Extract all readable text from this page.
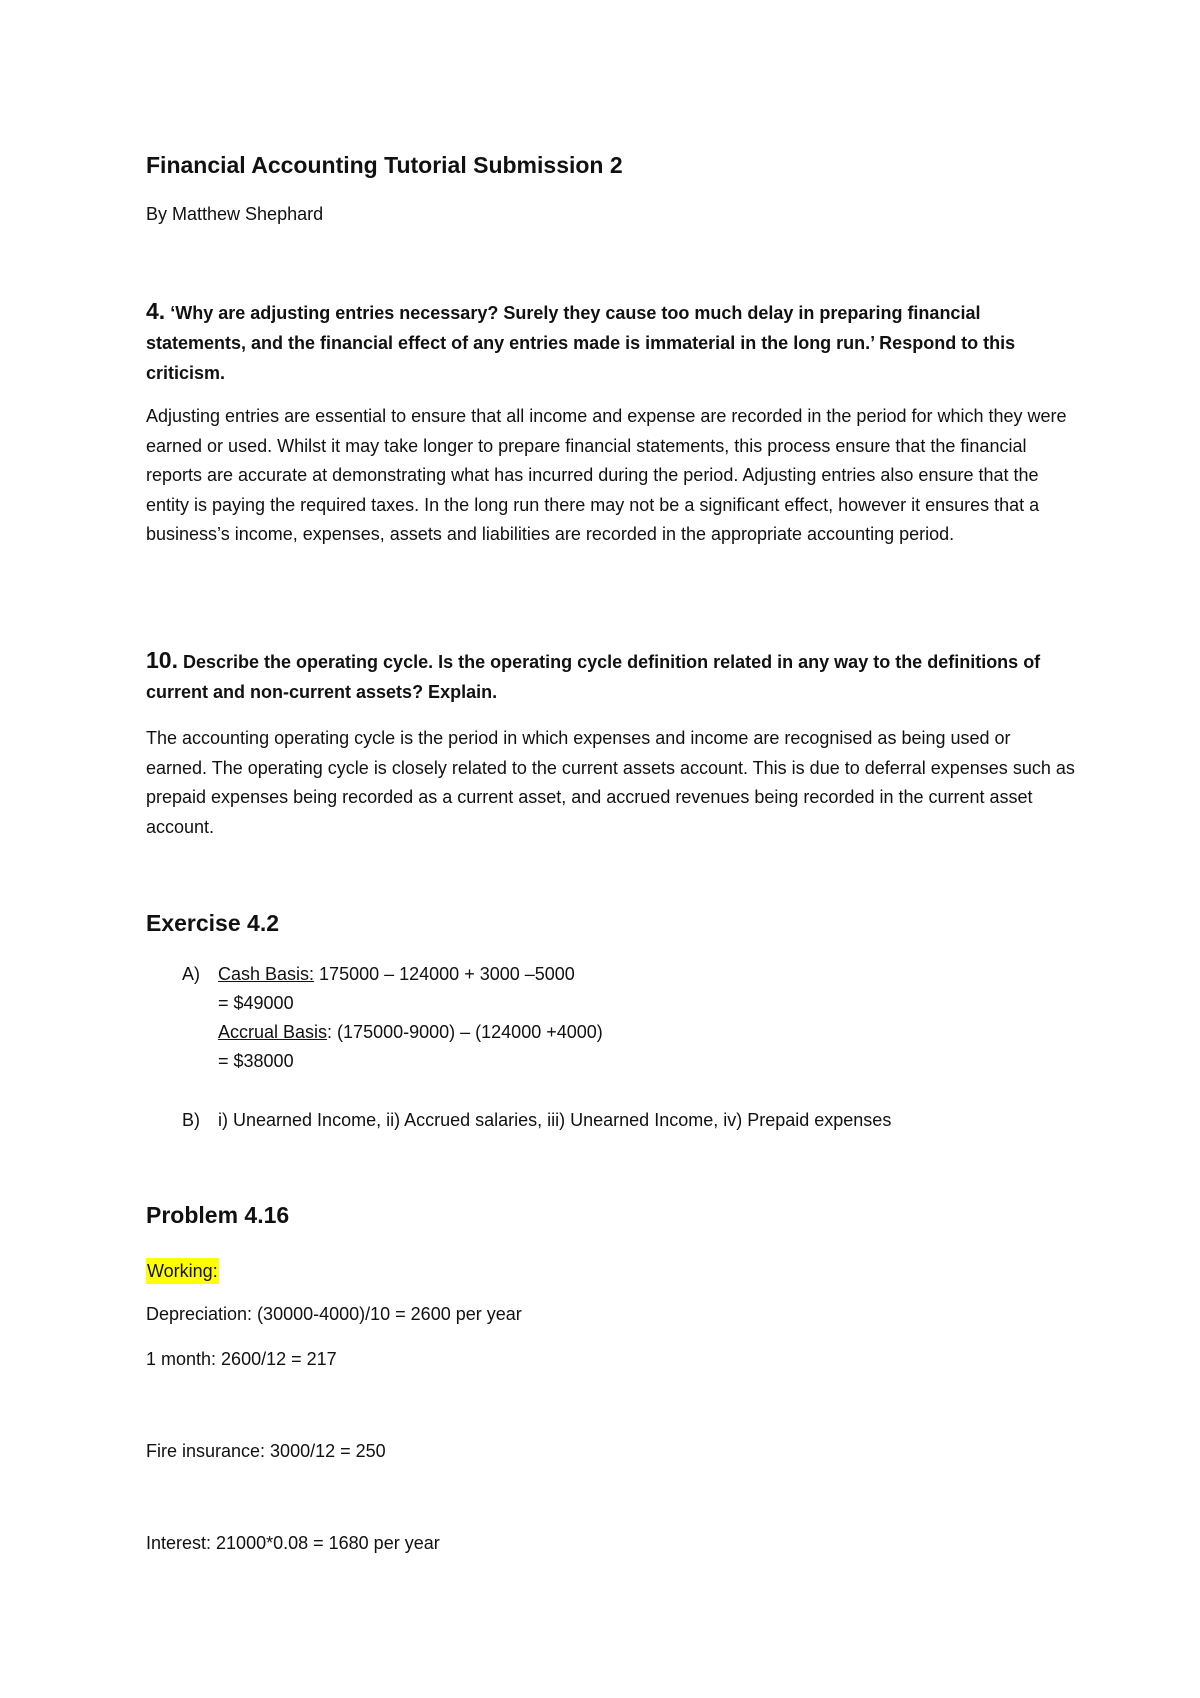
Financial Accounting Tutorial Submission 2
By Matthew Shephard
4. ‘Why are adjusting entries necessary? Surely they cause too much delay in preparing financial statements, and the financial effect of any entries made is immaterial in the long run.’ Respond to this criticism.

Adjusting entries are essential to ensure that all income and expense are recorded in the period for which they were earned or used. Whilst it may take longer to prepare financial statements, this process ensure that the financial reports are accurate at demonstrating what has incurred during the period. Adjusting entries also ensure that the entity is paying the required taxes. In the long run there may not be a significant effect, however it ensures that a business’s income, expenses, assets and liabilities are recorded in the appropriate accounting period.

10. Describe the operating cycle. Is the operating cycle definition related in any way to the definitions of current and non-current assets? Explain.

The accounting operating cycle is the period in which expenses and income are recognised as being used or earned. The operating cycle is closely related to the current assets account. This is due to deferral expenses such as prepaid expenses being recorded as a current asset, and accrued revenues being recorded in the current asset account.

Exercise 4.2
A) Cash Basis: 175000 – 124000 + 3000 –5000
= $49000
Accrual Basis: (175000-9000) – (124000 +4000)
= $38000
B) i) Unearned Income, ii) Accrued salaries, iii) Unearned Income, iv) Prepaid expenses
Problem 4.16
Working:
Depreciation: (30000-4000)/10 = 2600 per year
1 month: 2600/12 = 217
Fire insurance: 3000/12 = 250
Interest: 21000*0.08 = 1680 per year
